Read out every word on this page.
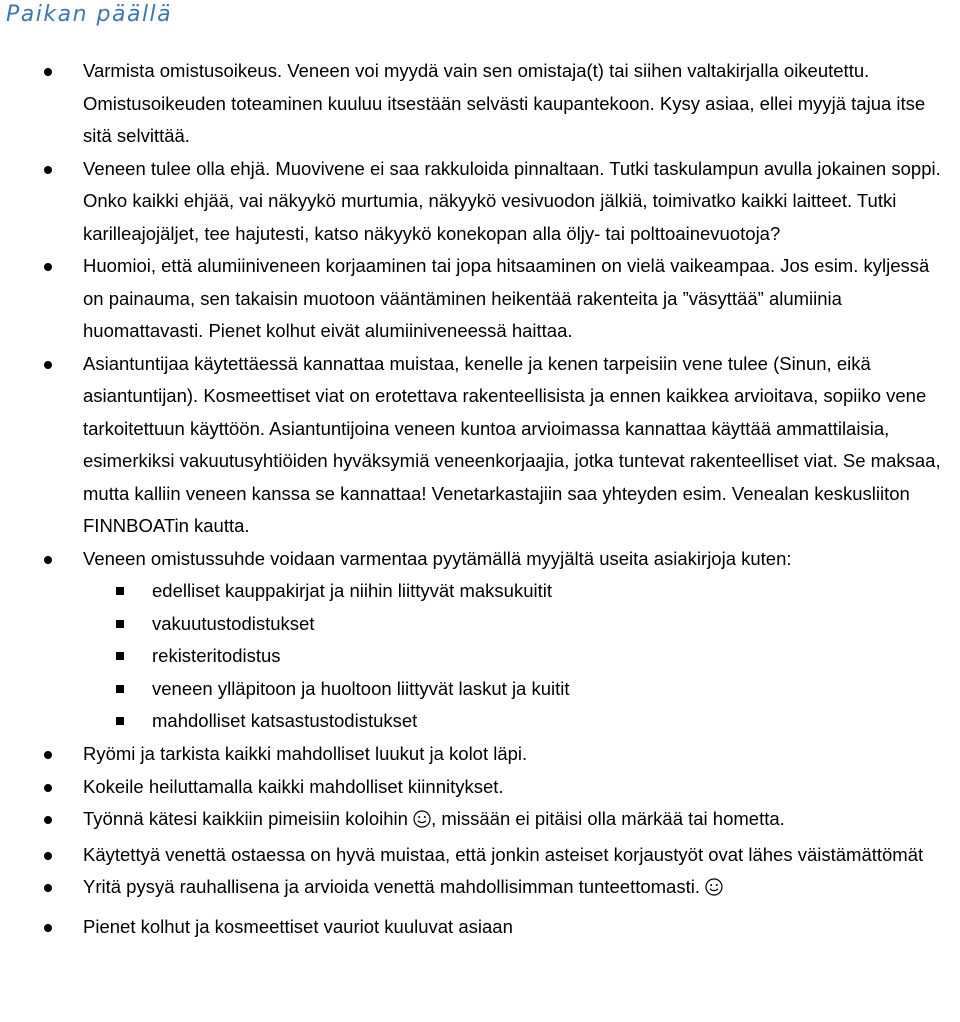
Paikan päällä
Varmista omistusoikeus. Veneen voi myydä vain sen omistaja(t) tai siihen valtakirjalla oikeutettu. Omistusoikeuden toteaminen kuuluu itsestään selvästi kaupantekoon. Kysy asiaa, ellei myyjä tajua itse sitä selvittää.
Veneen tulee olla ehjä. Muovivene ei saa rakkuloida pinnaltaan. Tutki taskulampun avulla jokainen soppi. Onko kaikki ehjää, vai näkyykö murtumia, näkyykö vesivuodon jälkiä, toimivatko kaikki laitteet. Tutki karilleajojäljet, tee hajutesti, katso näkyykö konekopan alla öljy- tai polttoainevuotoja?
Huomioi, että alumiiniveneen korjaaminen tai jopa hitsaaminen on vielä vaikeampaa. Jos esim. kyljessä on painauma, sen takaisin muotoon vääntäminen heikentää rakenteita ja ”väsyttää” alumiinia huomattavasti. Pienet kolhut eivät alumiiniveneessä haittaa.
Asiantuntijaa käytettäessä kannattaa muistaa, kenelle ja kenen tarpeisiin vene tulee (Sinun, eikä asiantuntijan). Kosmeettiset viat on erotettava rakenteellisista ja ennen kaikkea arvioitava, sopiiko vene tarkoitettuun käyttöön. Asiantuntijoina veneen kuntoa arvioimassa kannattaa käyttää ammattilaisia, esimerkiksi vakuutusyhtiöiden hyväksymiä veneenkorjaajia, jotka tuntevat rakenteelliset viat. Se maksaa, mutta kalliin veneen kanssa se kannattaa! Venetarkastajiin saa yhteyden esim. Venealan keskusliiton FINNBOATin kautta.
Veneen omistussuhde voidaan varmentaa pyytämällä myyjältä useita asiakirjoja kuten:
edelliset kauppakirjat ja niihin liittyvät maksukuitit
vakuutustodistukset
rekisteritodistus
veneen ylläpitoon ja huoltoon liittyvät laskut ja kuitit
mahdolliset katsastustodistukset
Ryömi ja tarkista kaikki mahdolliset luukut ja kolot läpi.
Kokeile heiluttamalla kaikki mahdolliset kiinnitykset.
Työnnä kätesi kaikkiin pimeisiin koloihin , missään ei pitäisi olla märkää tai hometta.
Käytettyä venettä ostaessa on hyvä muistaa, että jonkin asteiset korjaustyöt ovat lähes väistämättömät
Yritä pysyä rauhallisena ja arvioida venettä mahdollisimman tunteettomasti.
Pienet kolhut ja kosmeettiset vauriot kuuluvat asiaan
